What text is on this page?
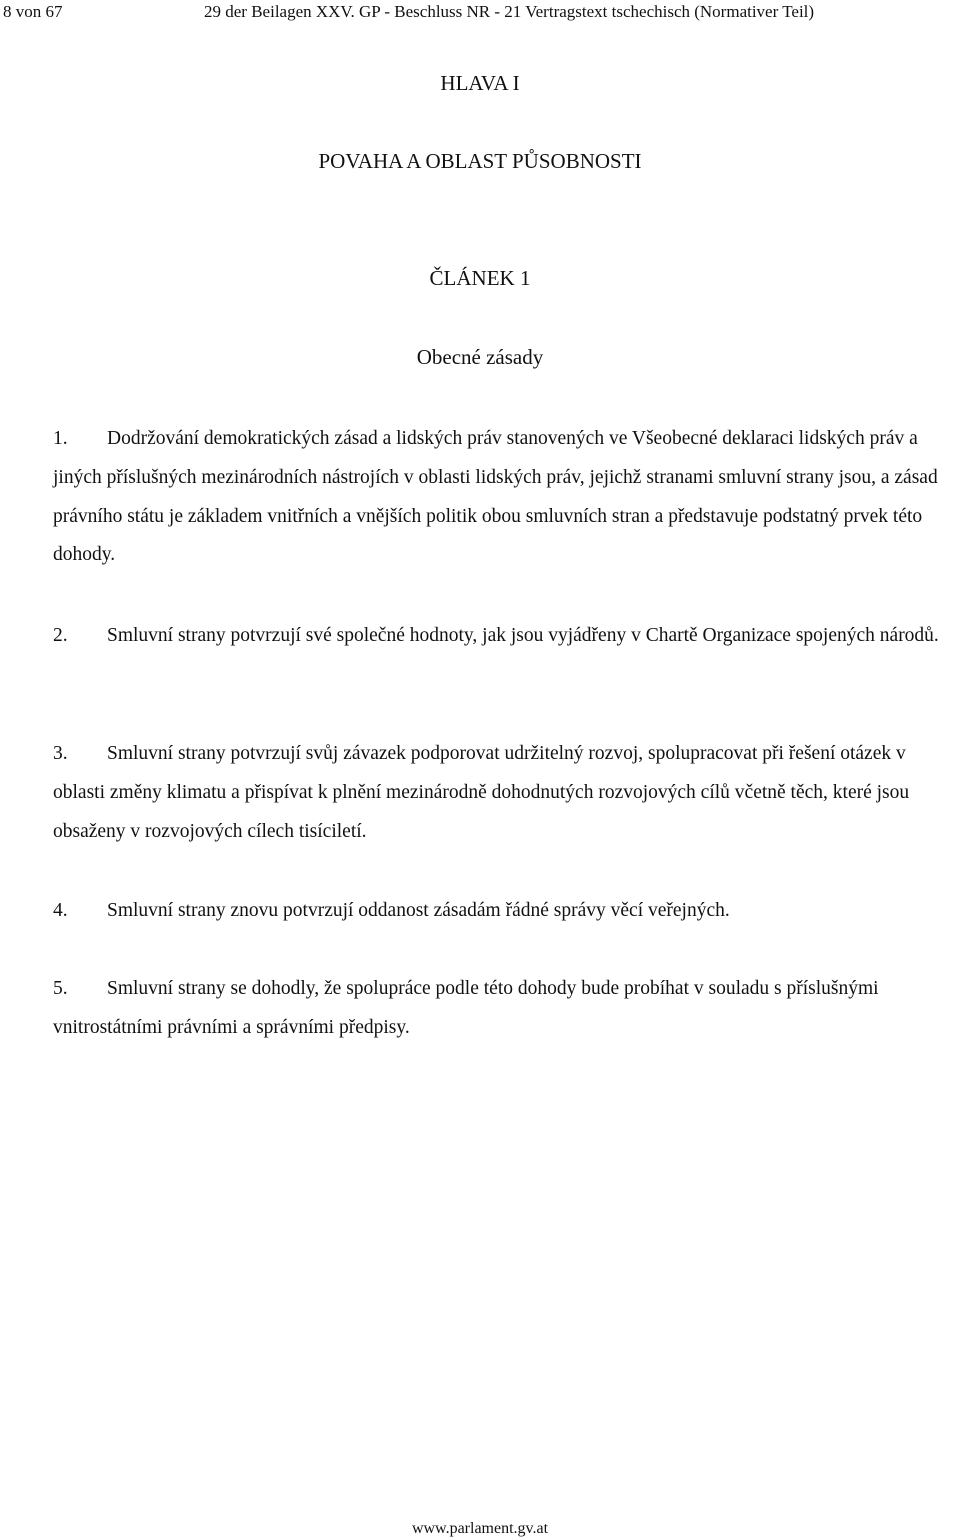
8 von 67	29 der Beilagen XXV. GP - Beschluss NR - 21 Vertragstext tschechisch (Normativer Teil)
HLAVA I
POVAHA A OBLAST PŮSOBNOSTI
ČLÁNEK 1
Obecné zásady
1. Dodržování demokratických zásad a lidských práv stanovených ve Všeobecné deklaraci lidských práv a jiných příslušných mezinárodních nástrojích v oblasti lidských práv, jejichž stranami smluvní strany jsou, a zásad právního státu je základem vnitřních a vnějších politik obou smluvních stran a představuje podstatný prvek této dohody.
2. Smluvní strany potvrzují své společné hodnoty, jak jsou vyjádřeny v Chartě Organizace spojených národů.
3. Smluvní strany potvrzují svůj závazek podporovat udržitelný rozvoj, spolupracovat při řešení otázek v oblasti změny klimatu a přispívat k plnění mezinárodně dohodnutých rozvojových cílů včetně těch, které jsou obsaženy v rozvojových cílech tisíciletí.
4. Smluvní strany znovu potvrzují oddanost zásadám řádné správy věcí veřejných.
5. Smluvní strany se dohodly, že spolupráce podle této dohody bude probíhat v souladu s příslušnými vnitrostátními právními a správními předpisy.
www.parlament.gv.at
